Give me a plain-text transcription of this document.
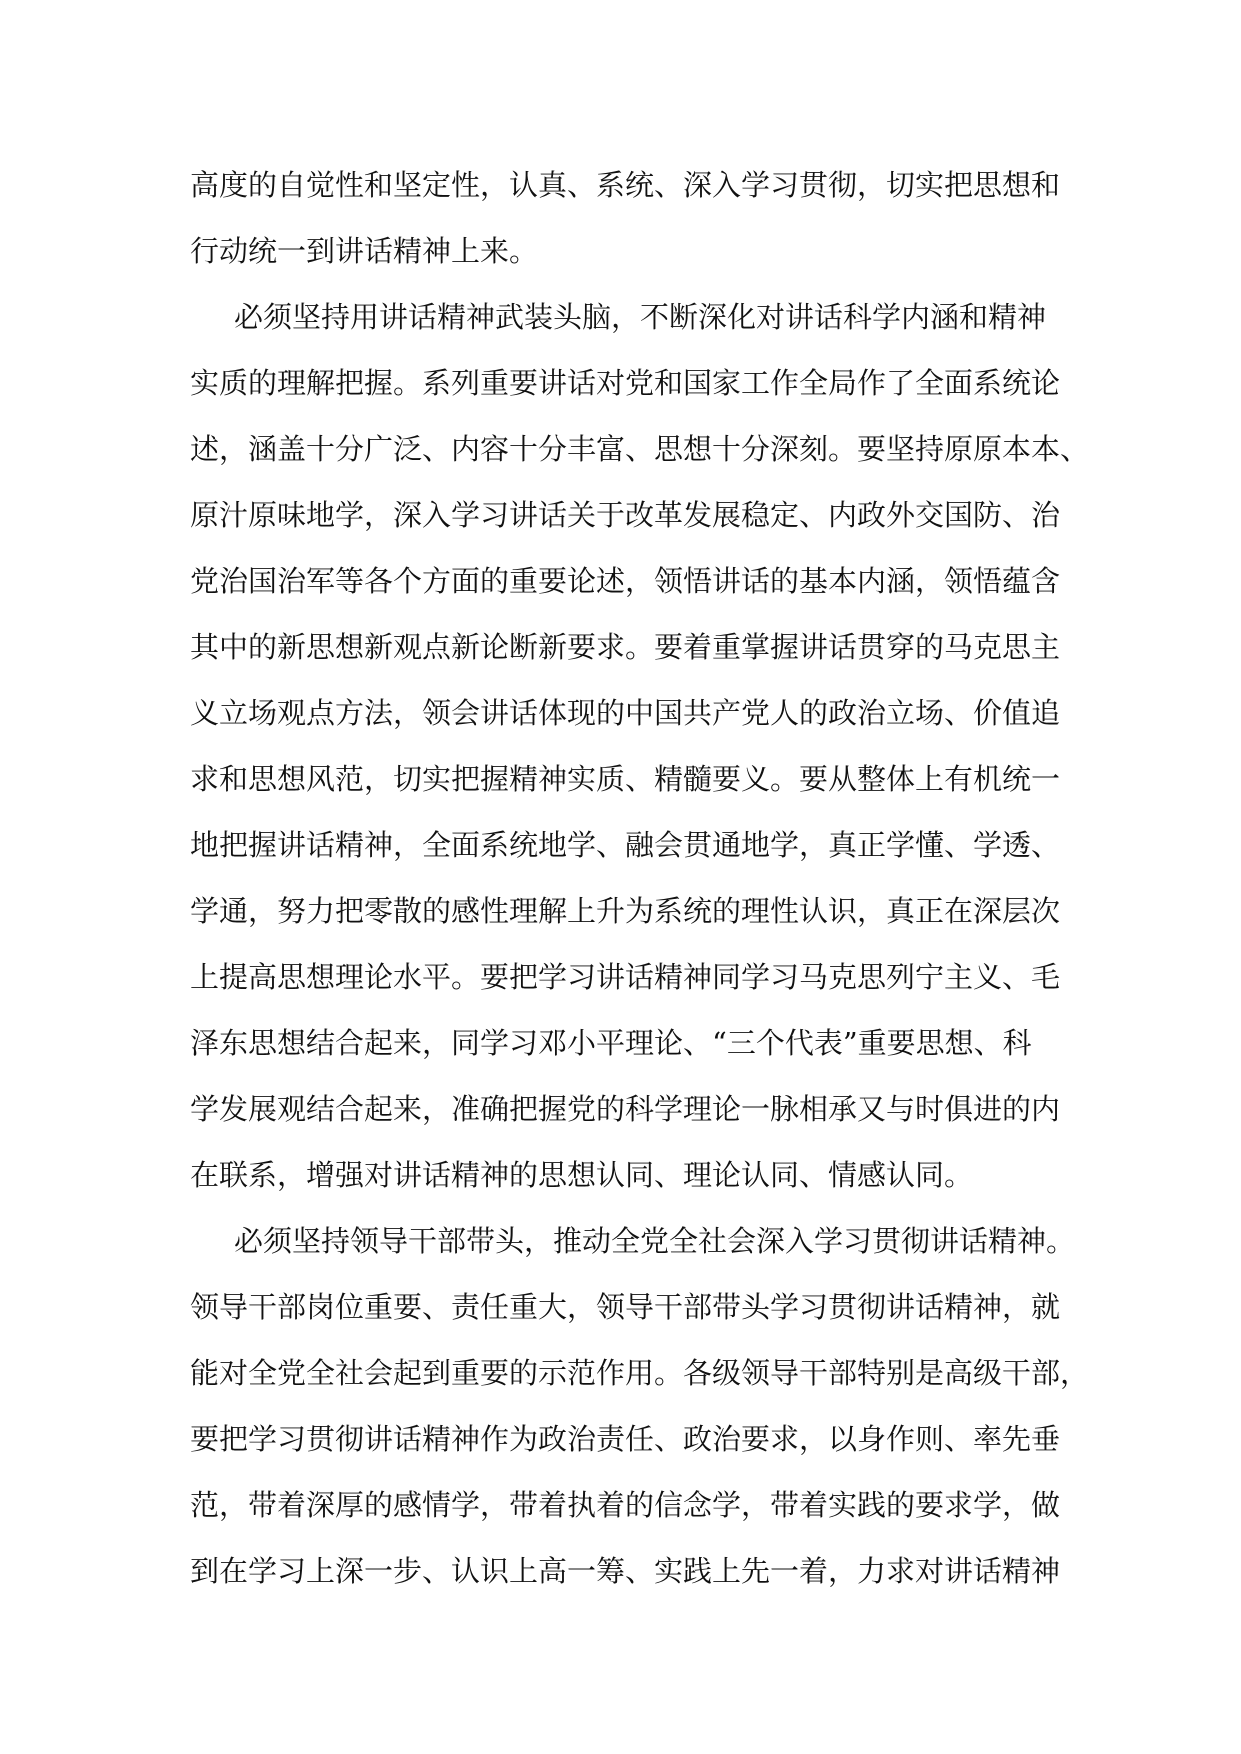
高度的自觉性和坚定性，认真、系统、深入学习贯彻，切实把思想和
行动统一到讲话精神上来。
必须坚持用讲话精神武装头脑，不断深化对讲话科学内涵和精神
实质的理解把握。系列重要讲话对党和国家工作全局作了全面系统论
述，涵盖十分广泛、内容十分丰富、思想十分深刻。要坚持原原本本、
原汁原味地学，深入学习讲话关于改革发展稳定、内政外交国防、治
党治国治军等各个方面的重要论述，领悟讲话的基本内涵，领悟蕴含
其中的新思想新观点新论断新要求。要着重掌握讲话贯穿的马克思主
义立场观点方法，领会讲话体现的中国共产党人的政治立场、价值追
求和思想风范，切实把握精神实质、精髓要义。要从整体上有机统一
地把握讲话精神，全面系统地学、融会贯通地学，真正学懂、学透、
学通，努力把零散的感性理解上升为系统的理性认识，真正在深层次
上提高思想理论水平。要把学习讲话精神同学习马克思列宁主义、毛
泽东思想结合起来，同学习邓小平理论、“三个代表”重要思想、科
学发展观结合起来，准确把握党的科学理论一脉相承又与时俱进的内
在联系，增强对讲话精神的思想认同、理论认同、情感认同。
必须坚持领导干部带头，推动全党全社会深入学习贯彻讲话精神。
领导干部岗位重要、责任重大，领导干部带头学习贯彻讲话精神，就
能对全党全社会起到重要的示范作用。各级领导干部特别是高级干部，
要把学习贯彻讲话精神作为政治责任、政治要求，以身作则、率先垂
范，带着深厚的感情学，带着执着的信念学，带着实践的要求学，做
到在学习上深一步、认识上高一筹、实践上先一着，力求对讲话精神
